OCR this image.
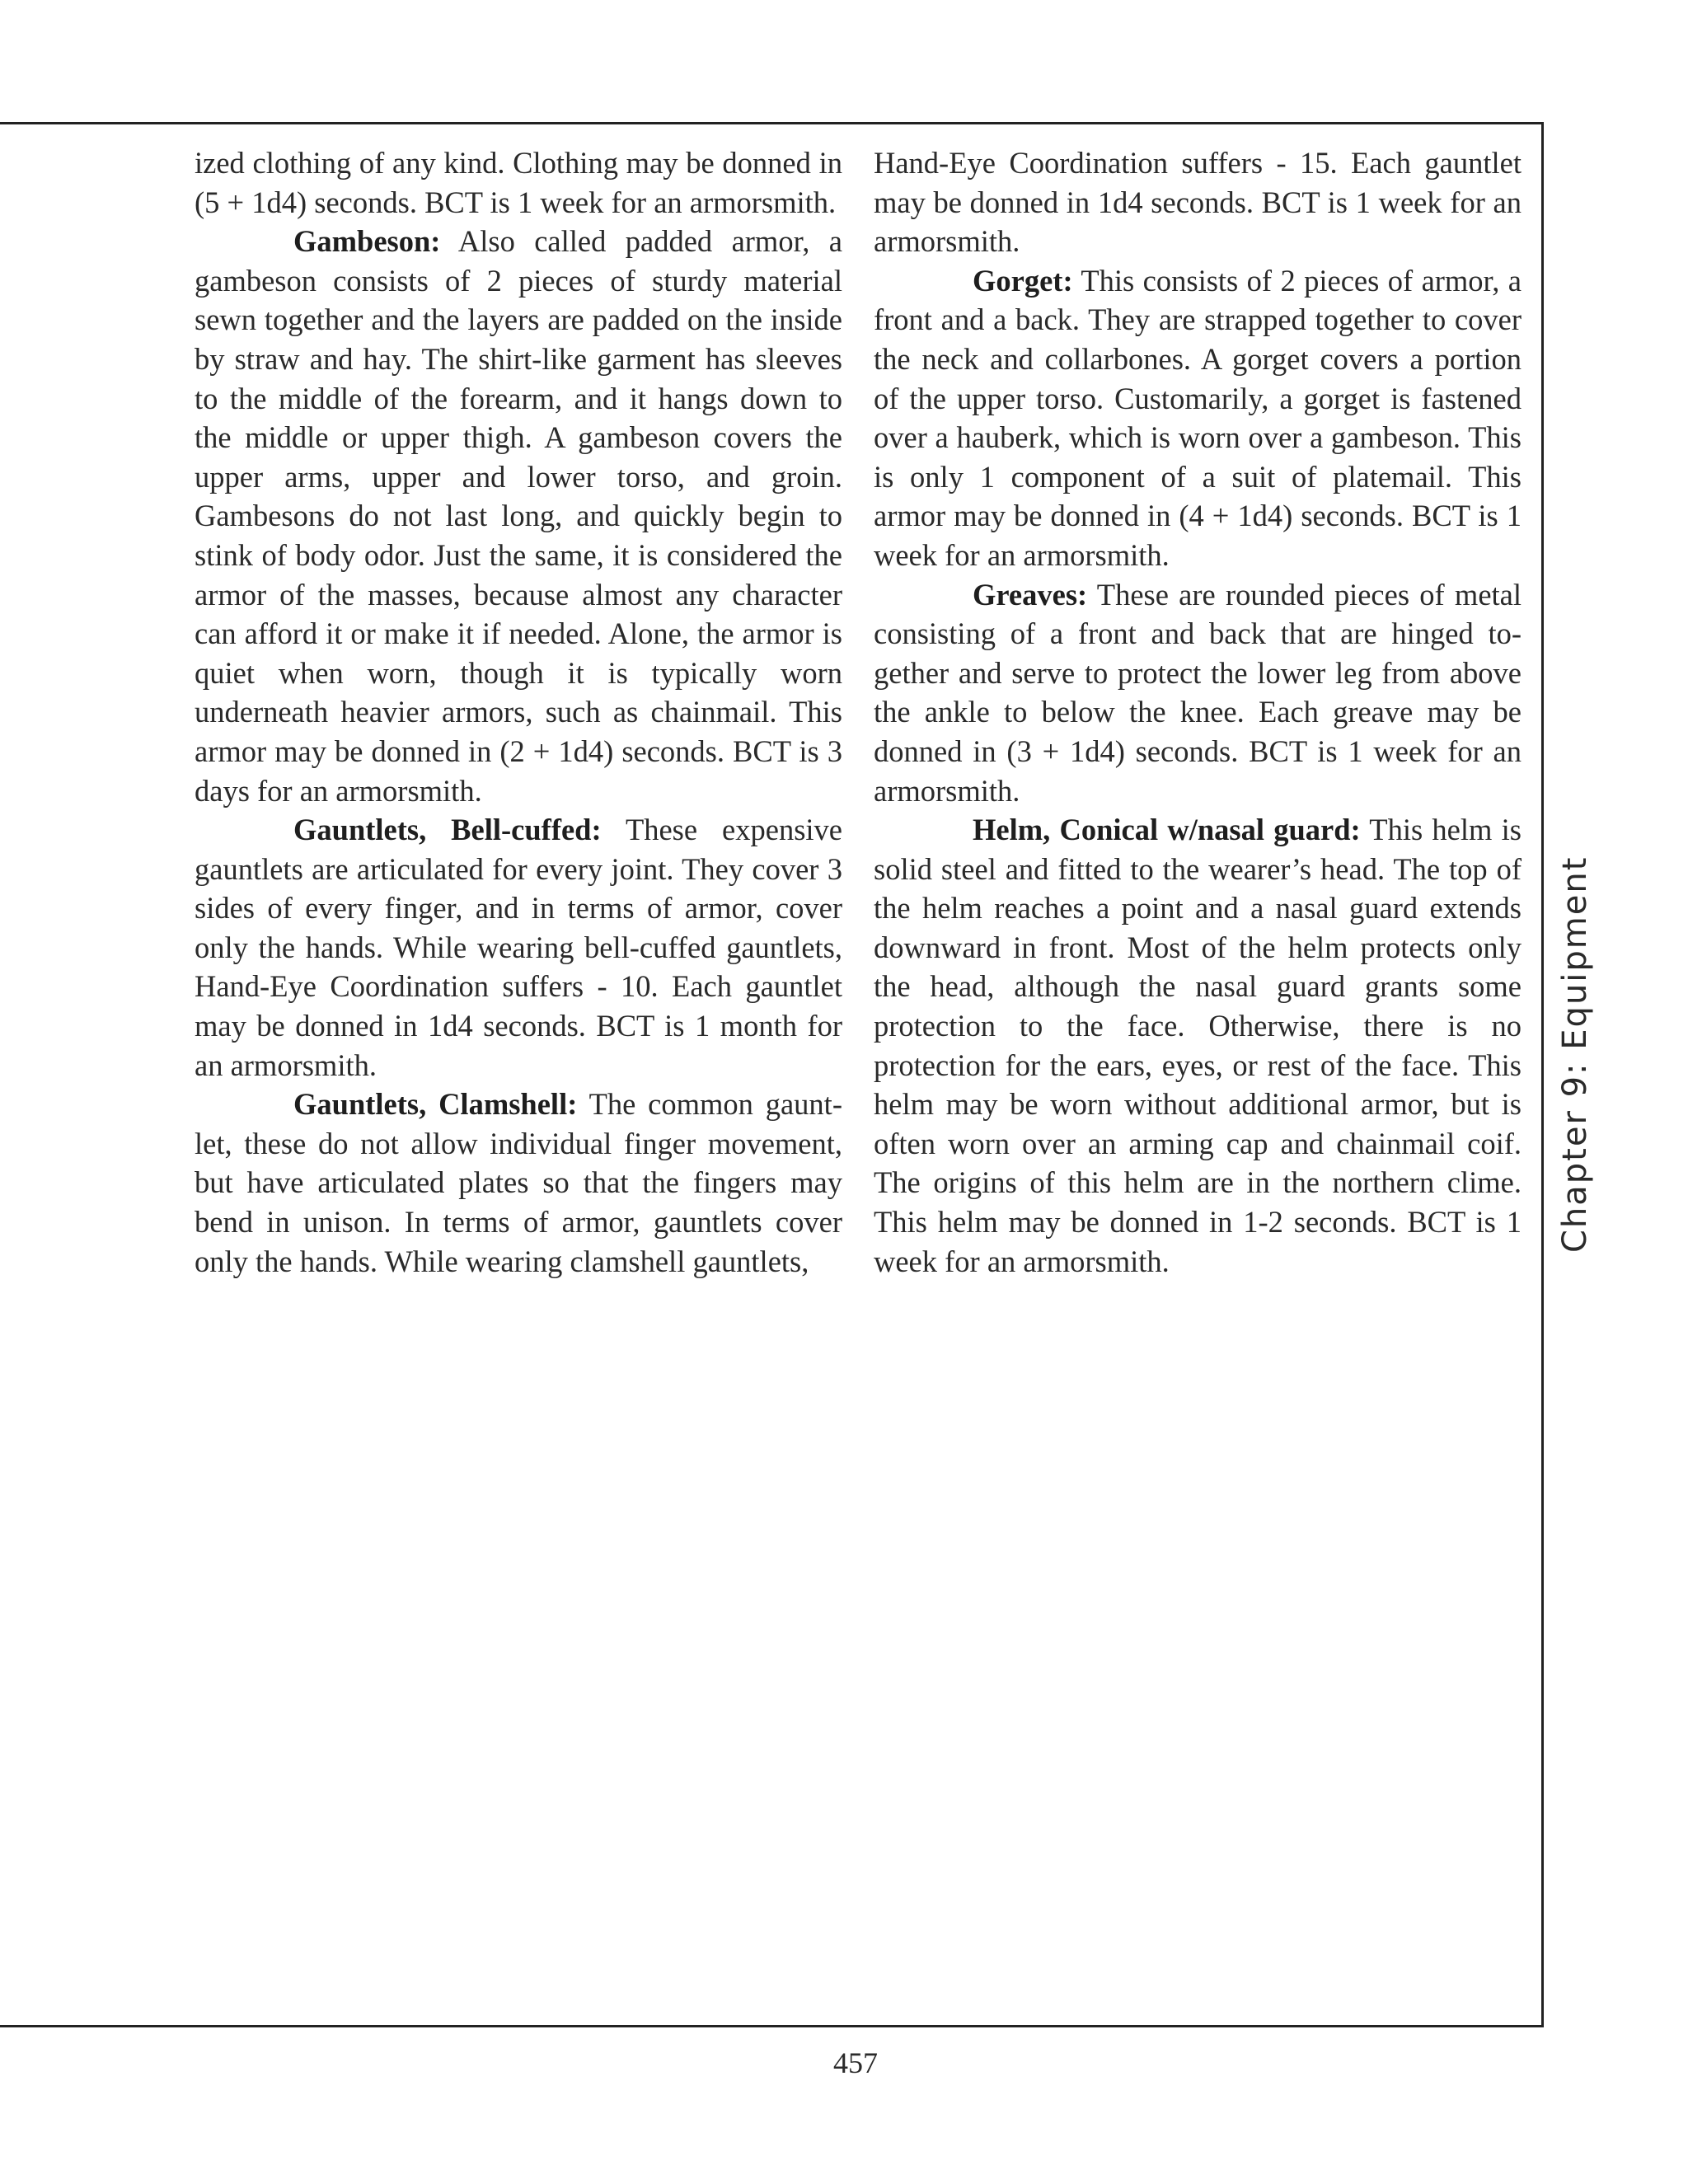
ized clothing of any kind. Clothing may be donned in (5 + 1d4) seconds. BCT is 1 week for an armorsmith.

Gambeson: Also called padded armor, a gambeson consists of 2 pieces of sturdy material sewn together and the layers are padded on the inside by straw and hay. The shirt-like garment has sleeves to the middle of the forearm, and it hangs down to the middle or upper thigh. A gambeson covers the upper arms, upper and lower torso, and groin. Gambesons do not last long, and quickly begin to stink of body odor. Just the same, it is considered the armor of the masses, because almost any character can afford it or make it if needed. Alone, the armor is quiet when worn, though it is typically worn underneath heavier armors, such as chainmail. This armor may be donned in (2 + 1d4) seconds. BCT is 3 days for an armorsmith.

Gauntlets, Bell-cuffed: These expensive gauntlets are articulated for every joint. They cover 3 sides of every finger, and in terms of armor, cover only the hands. While wearing bell-cuffed gauntlets, Hand-Eye Coordination suffers - 10. Each gauntlet may be donned in 1d4 seconds. BCT is 1 month for an armorsmith.

Gauntlets, Clamshell: The common gauntlet, these do not allow individual finger movement, but have articulated plates so that the fingers may bend in unison. In terms of armor, gauntlets cover only the hands. While wearing clamshell gauntlets,

Hand-Eye Coordination suffers - 15. Each gauntlet may be donned in 1d4 seconds. BCT is 1 week for an armorsmith.

Gorget: This consists of 2 pieces of armor, a front and a back. They are strapped together to cover the neck and collarbones. A gorget covers a portion of the upper torso. Customarily, a gorget is fastened over a hauberk, which is worn over a gambeson. This is only 1 component of a suit of platemail. This armor may be donned in (4 + 1d4) seconds. BCT is 1 week for an armorsmith.

Greaves: These are rounded pieces of metal consisting of a front and back that are hinged together and serve to protect the lower leg from above the ankle to below the knee. Each greave may be donned in (3 + 1d4) seconds. BCT is 1 week for an armorsmith.

Helm, Conical w/nasal guard: This helm is solid steel and fitted to the wearer’s head. The top of the helm reaches a point and a nasal guard extends downward in front. Most of the helm protects only the head, although the nasal guard grants some protection to the face. Otherwise, there is no protection for the ears, eyes, or rest of the face. This helm may be worn without additional armor, but is often worn over an arming cap and chainmail coif. The origins of this helm are in the northern clime. This helm may be donned in 1-2 seconds. BCT is 1 week for an armorsmith.

Chapter 9: Equipment
457
